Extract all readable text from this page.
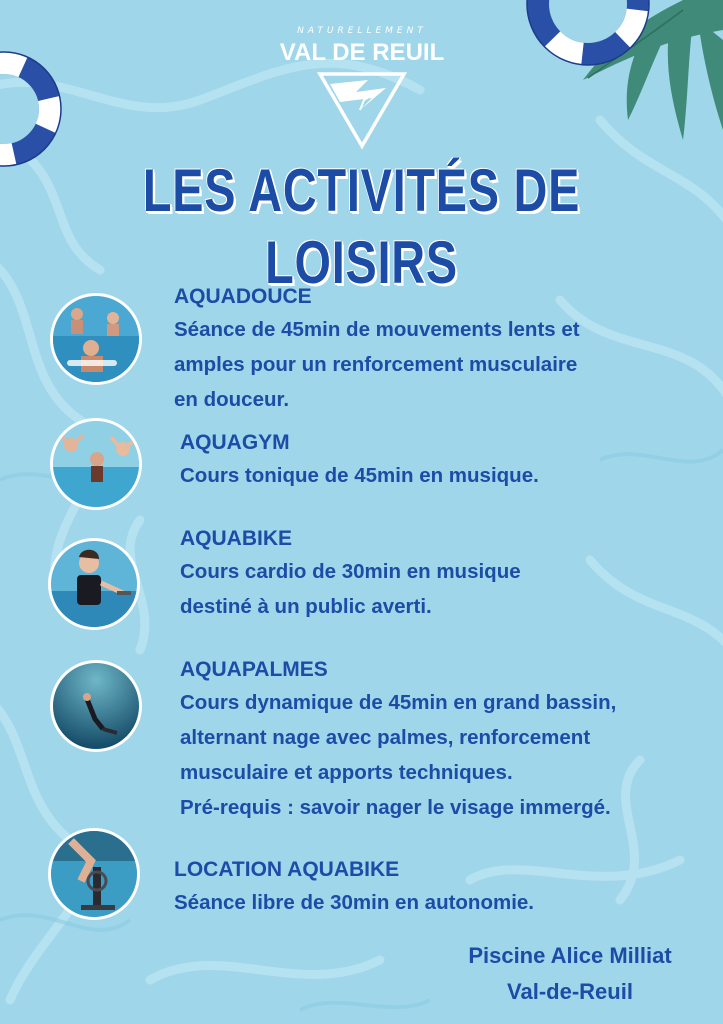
NATURELLEMENT
VAL DE REUIL
LES ACTIVITÉS DE LOISIRS
AQUADOUCE
Séance de 45min de mouvements lents et
amples pour un renforcement musculaire
en douceur.
AQUAGYM
Cours tonique de 45min en musique.
AQUABIKE
Cours cardio de 30min en musique
destiné à un public averti.
AQUAPALMES
Cours dynamique de 45min en grand bassin,
alternant nage avec palmes, renforcement
musculaire et apports techniques.
Pré-requis : savoir nager le visage immergé.
LOCATION AQUABIKE
Séance libre de 30min en autonomie.
Piscine Alice Milliat
Val-de-Reuil
